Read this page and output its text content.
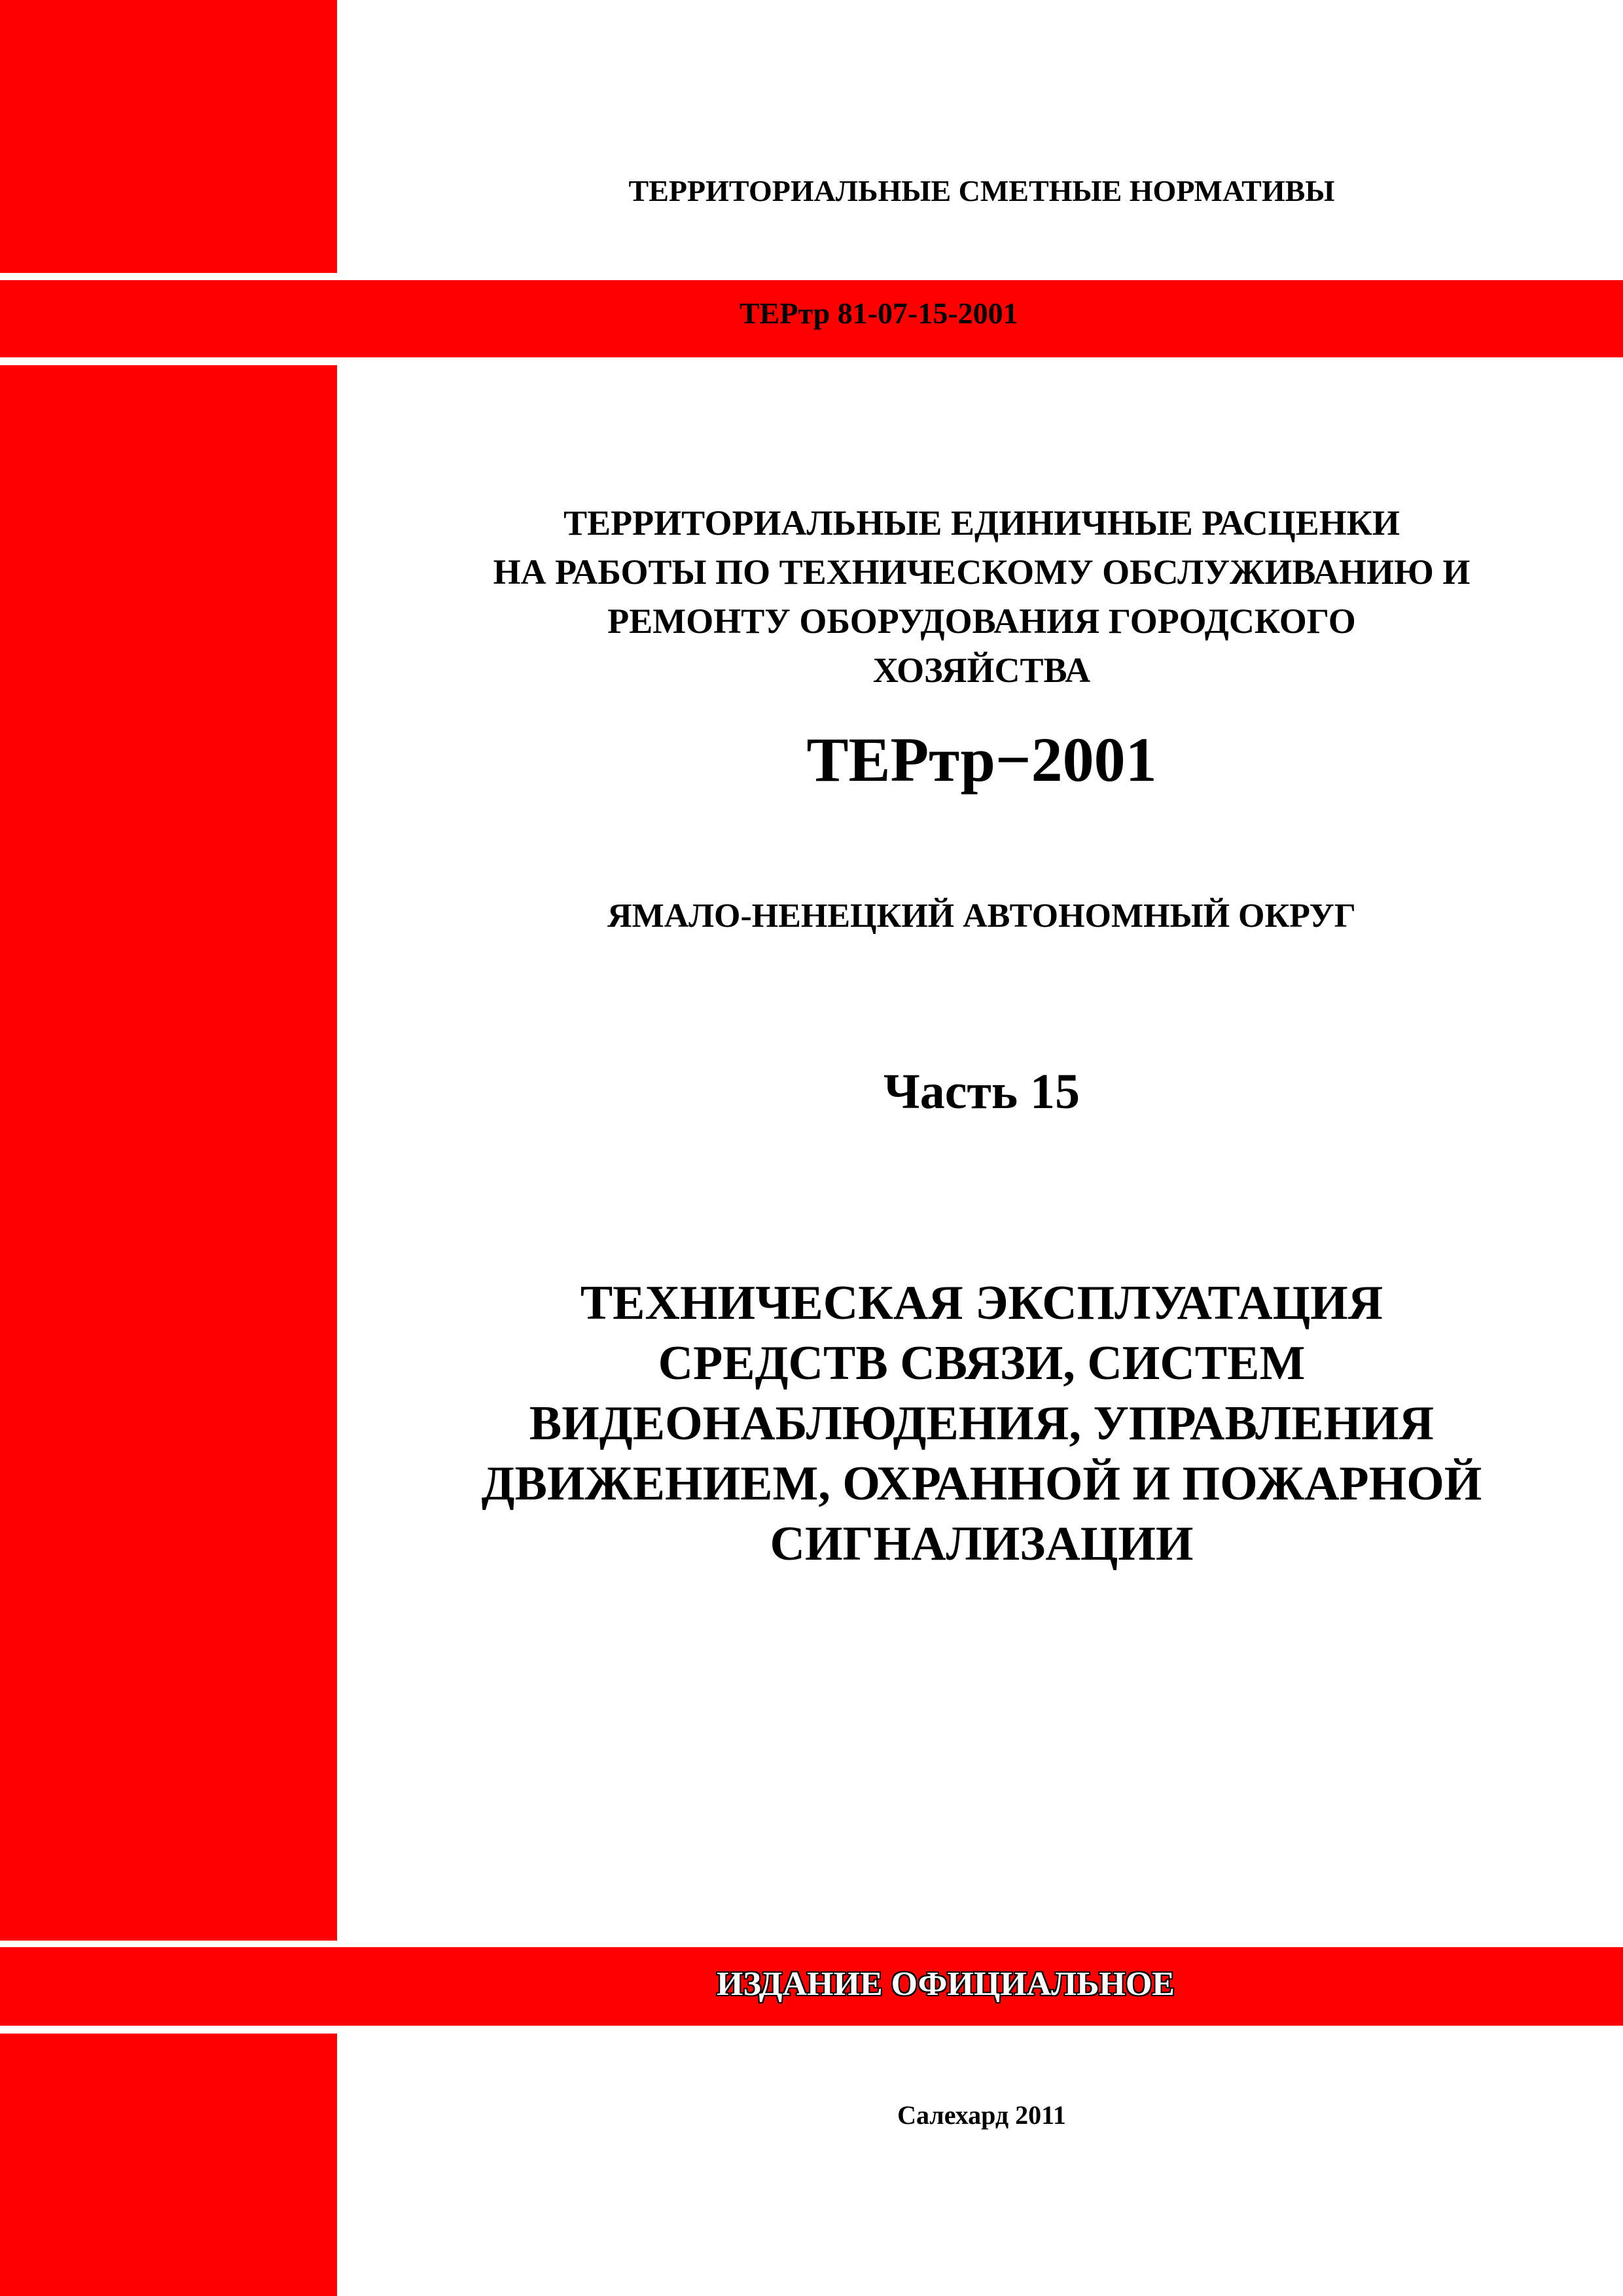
ТЕРРИТОРИАЛЬНЫЕ СМЕТНЫЕ НОРМАТИВЫ
ТЕРтр 81-07-15-2001
ТЕРРИТОРИАЛЬНЫЕ ЕДИНИЧНЫЕ РАСЦЕНКИ
НА РАБОТЫ ПО ТЕХНИЧЕСКОМУ ОБСЛУЖИВАНИЮ И
РЕМОНТУ ОБОРУДОВАНИЯ ГОРОДСКОГО
ХОЗЯЙСТВА
ТЕРтр−2001
ЯМАЛО-НЕНЕЦКИЙ АВТОНОМНЫЙ ОКРУГ
Часть 15
ТЕХНИЧЕСКАЯ ЭКСПЛУАТАЦИЯ
СРЕДСТВ СВЯЗИ, СИСТЕМ
ВИДЕОНАБЛЮДЕНИЯ, УПРАВЛЕНИЯ
ДВИЖЕНИЕМ, ОХРАННОЙ И ПОЖАРНОЙ
СИГНАЛИЗАЦИИ
ИЗДАНИЕ ОФИЦИАЛЬНОЕ
Салехард 2011
